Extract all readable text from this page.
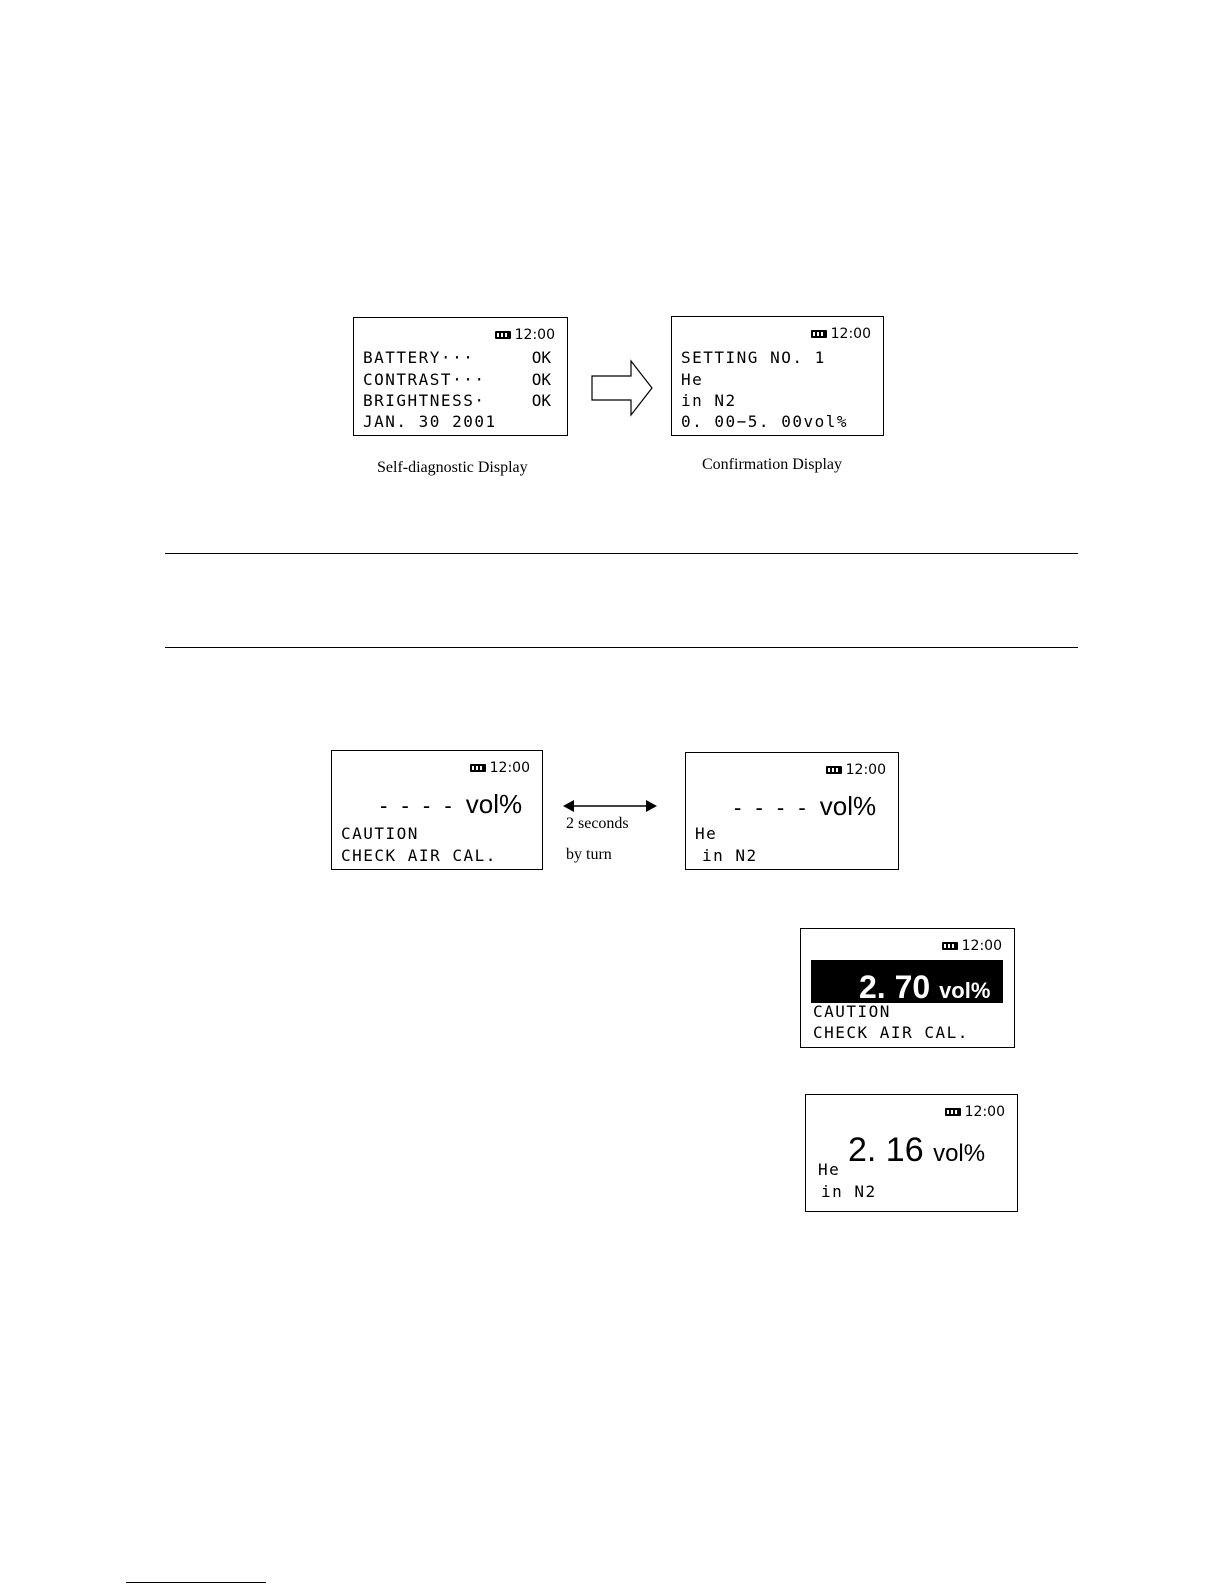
12:00
BATTERY···	OK
CONTRAST···	OK
BRIGHTNESS·	OK
JAN. 30 2001
Self-diagnostic Display
12:00
SETTING NO. 1
He
in N2
0. 00−5. 00vol%
Confirmation Display
12:00
- - - - vol%
CAUTION
CHECK AIR CAL.
2 seconds
by turn
12:00
- - - - vol%
He
in N2
12:00
2. 70 vol%
CAUTION
CHECK AIR CAL.
12:00
He
2. 16 vol%
in N2
